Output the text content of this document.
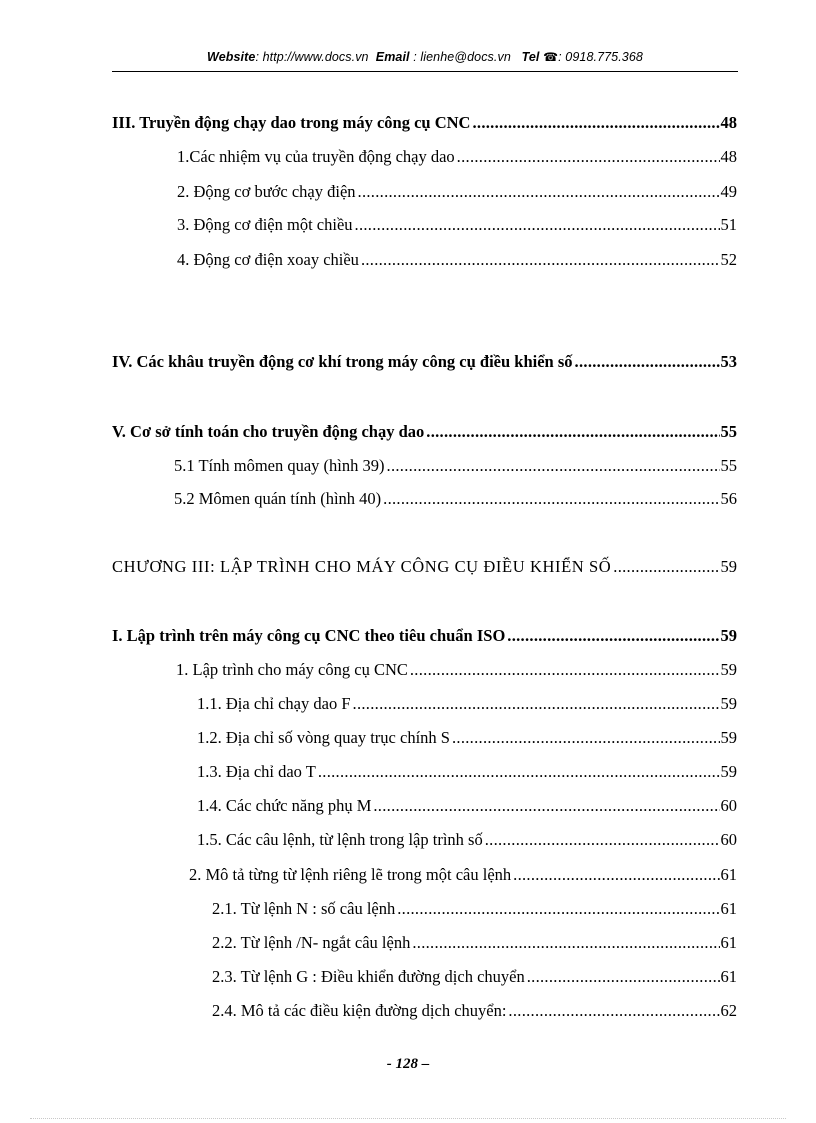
Website: http://www.docs.vn Email : lienhe@docs.vn Tel ☎: 0918.775.368
III. Truyền động chạy dao trong máy công cụ CNC .....	48
1.Các nhiệm vụ của truyền động chạy dao .....	48
2. Động cơ bước chạy điện .....	49
3. Động cơ điện một chiều .....	51
4. Động cơ điện xoay chiều .....	52
IV. Các khâu truyền động cơ khí trong máy công cụ điều khiển số .....	53
V. Cơ sở tính toán cho truyền động chạy dao .....	55
5.1 Tính mômen quay (hình 39) .....	55
5.2 Mômen quán tính (hình 40) .....	56
CHƯƠNG III: LẬP TRÌNH CHO MÁY CÔNG CỤ ĐIỀU KHIỂN SỐ .....	59
I. Lập trình trên máy công cụ CNC theo tiêu chuẩn ISO .....	59
1. Lập trình cho máy công cụ CNC .....	59
1.1. Địa chỉ chạy dao F .....	59
1.2. Địa chỉ số vòng quay trục chính S .....	59
1.3. Địa chỉ dao T .....	59
1.4. Các chức năng phụ M .....	60
1.5. Các câu lệnh, từ lệnh trong lập trình số .....	60
2. Mô tả từng từ lệnh riêng lẽ trong một câu lệnh .....	61
2.1. Từ lệnh N : số câu lệnh .....	61
2.2. Từ lệnh /N- ngắt câu lệnh .....	61
2.3. Từ lệnh G : Điều khiển đường dịch chuyển .....	61
2.4. Mô tả các điều kiện đường dịch chuyển: .....	62
- 128 –
